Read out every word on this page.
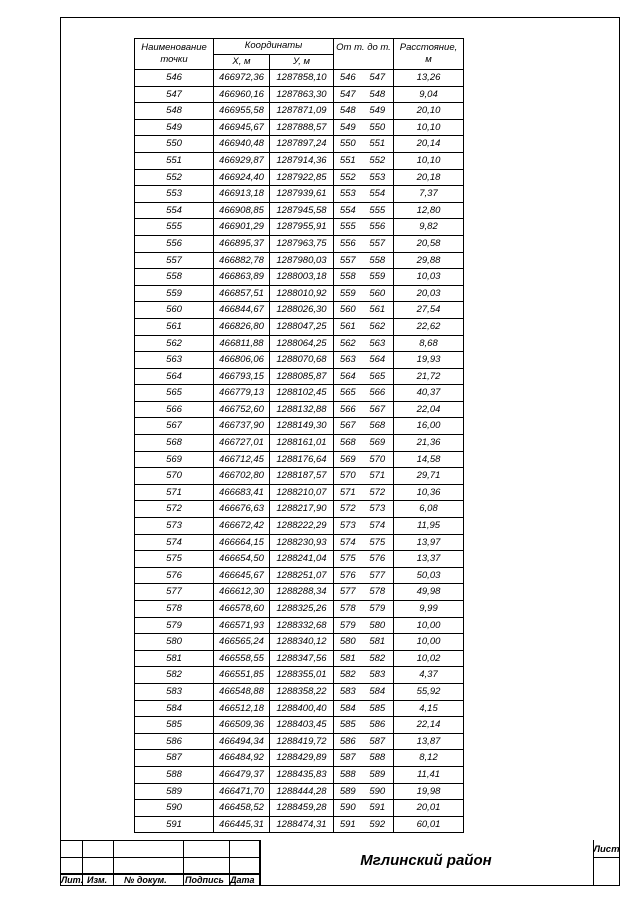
Наименование точки	Координаты		От т. до т.		Расстояние, м
	X, м	У, м			
546	466972,36	1287858,10	546	547	13,26
547	466960,16	1287863,30	547	548	9,04
548	466955,58	1287871,09	548	549	20,10
549	466945,67	1287888,57	549	550	10,10
550	466940,48	1287897,24	550	551	20,14
551	466929,87	1287914,36	551	552	10,10
552	466924,40	1287922,85	552	553	20,18
553	466913,18	1287939,61	553	554	7,37
554	466908,85	1287945,58	554	555	12,80
555	466901,29	1287955,91	555	556	9,82
556	466895,37	1287963,75	556	557	20,58
557	466882,78	1287980,03	557	558	29,88
558	466863,89	1288003,18	558	559	10,03
559	466857,51	1288010,92	559	560	20,03
560	466844,67	1288026,30	560	561	27,54
561	466826,80	1288047,25	561	562	22,62
562	466811,88	1288064,25	562	563	8,68
563	466806,06	1288070,68	563	564	19,93
564	466793,15	1288085,87	564	565	21,72
565	466779,13	1288102,45	565	566	40,37
566	466752,60	1288132,88	566	567	22,04
567	466737,90	1288149,30	567	568	16,00
568	466727,01	1288161,01	568	569	21,36
569	466712,45	1288176,64	569	570	14,58
570	466702,80	1288187,57	570	571	29,71
571	466683,41	1288210,07	571	572	10,36
572	466676,63	1288217,90	572	573	6,08
573	466672,42	1288222,29	573	574	11,95
574	466664,15	1288230,93	574	575	13,97
575	466654,50	1288241,04	575	576	13,37
576	466645,67	1288251,07	576	577	50,03
577	466612,30	1288288,34	577	578	49,98
578	466578,60	1288325,26	578	579	9,99
579	466571,93	1288332,68	579	580	10,00
580	466565,24	1288340,12	580	581	10,00
581	466558,55	1288347,56	581	582	10,02
582	466551,85	1288355,01	582	583	4,37
583	466548,88	1288358,22	583	584	55,92
584	466512,18	1288400,40	584	585	4,15
585	466509,36	1288403,45	585	586	22,14
586	466494,34	1288419,72	586	587	13,87
587	466484,92	1288429,89	587	588	8,12
588	466479,37	1288435,83	588	589	11,41
589	466471,70	1288444,28	589	590	19,98
590	466458,52	1288459,28	590	591	20,01
591	466445,31	1288474,31	591	592	60,01
Мглинский район
Лист
Лит. Изм. № докум. Подпись Дата
